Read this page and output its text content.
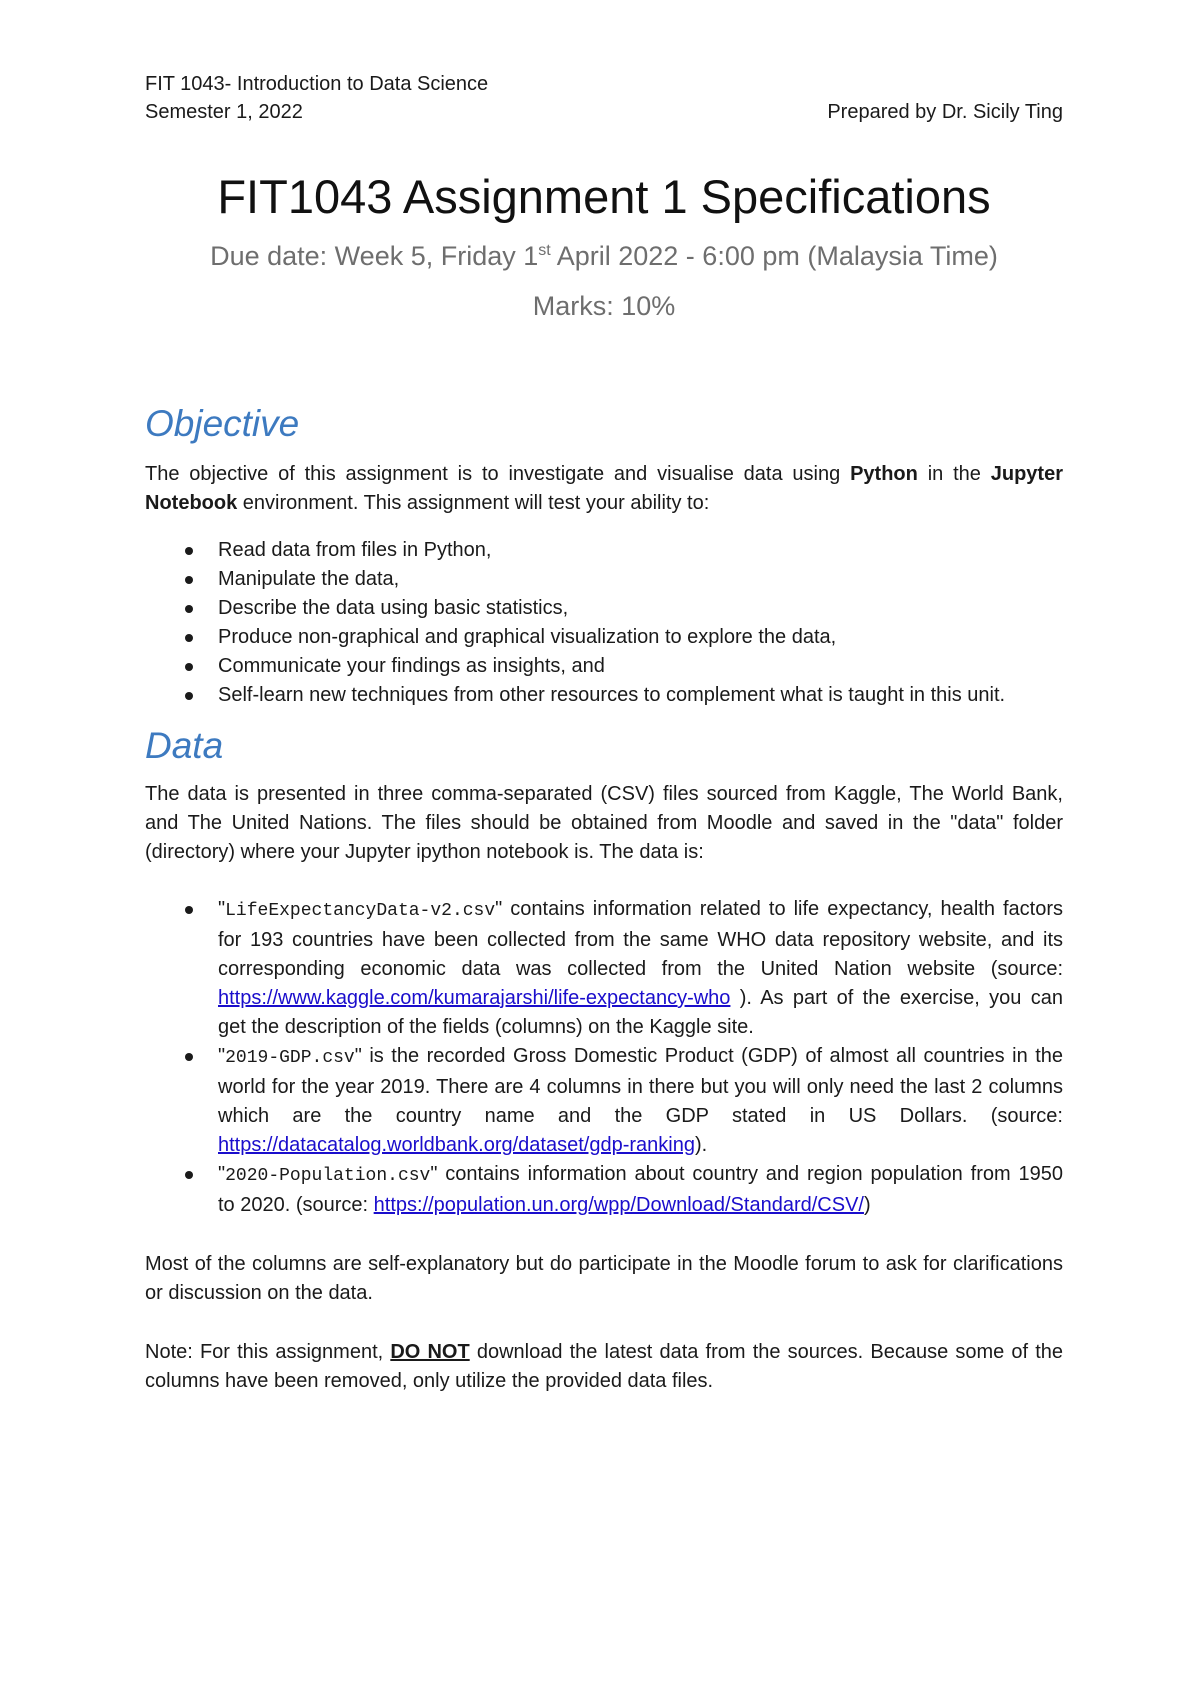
FIT 1043- Introduction to Data Science
Semester 1, 2022	Prepared by Dr. Sicily Ting
FIT1043 Assignment 1 Specifications
Due date: Week 5, Friday 1st April 2022 - 6:00 pm (Malaysia Time)
Marks: 10%
Objective

The objective of this assignment is to investigate and visualise data using Python in the Jupyter Notebook environment. This assignment will test your ability to:

Read data from files in Python,
Manipulate the data,
Describe the data using basic statistics,
Produce non-graphical and graphical visualization to explore the data,
Communicate your findings as insights, and
Self-learn new techniques from other resources to complement what is taught in this unit.
Data

The data is presented in three comma-separated (CSV) files sourced from Kaggle, The World Bank, and The United Nations. The files should be obtained from Moodle and saved in the "data" folder (directory) where your Jupyter ipython notebook is. The data is:

"LifeExpectancyData-v2.csv" contains information related to life expectancy, health factors for 193 countries have been collected from the same WHO data repository website, and its corresponding economic data was collected from the United Nation website (source: https://www.kaggle.com/kumarajarshi/life-expectancy-who ). As part of the exercise, you can get the description of the fields (columns) on the Kaggle site.
"2019-GDP.csv" is the recorded Gross Domestic Product (GDP) of almost all countries in the world for the year 2019. There are 4 columns in there but you will only need the last 2 columns which are the country name and the GDP stated in US Dollars. (source: https://datacatalog.worldbank.org/dataset/gdp-ranking).
"2020-Population.csv" contains information about country and region population from 1950 to 2020. (source: https://population.un.org/wpp/Download/Standard/CSV/)

Most of the columns are self-explanatory but do participate in the Moodle forum to ask for clarifications or discussion on the data.

Note: For this assignment, DO NOT download the latest data from the sources. Because some of the columns have been removed, only utilize the provided data files.
